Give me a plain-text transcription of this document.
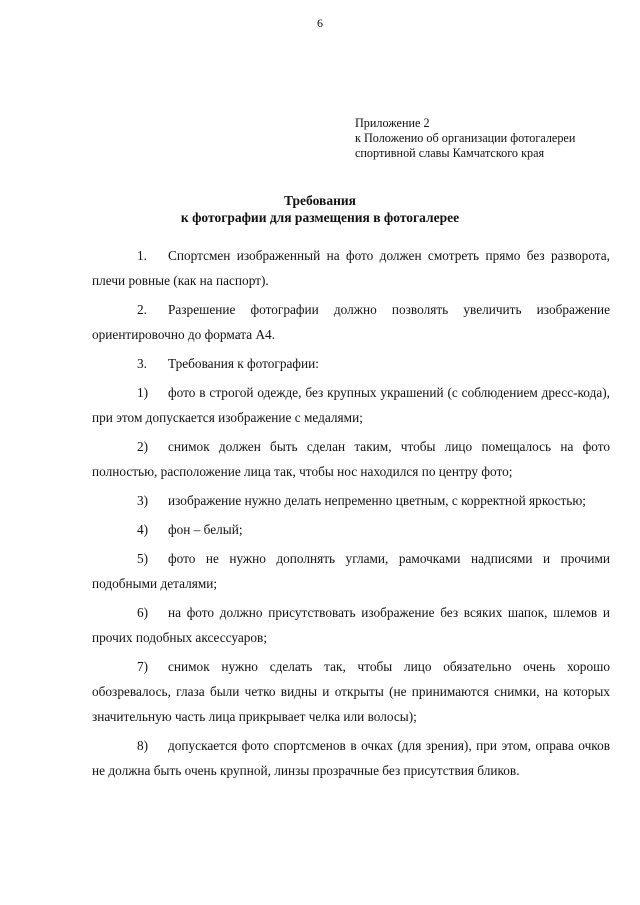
6
Приложение 2
к Положенио об организации фотогалереи
спортивной славы Камчатского края
Требования
к фотографии для размещения в фотогалерее

1. Спортсмен изображенный на фото должен смотреть прямо без разворота, плечи ровные (как на паспорт).

2. Разрешение фотографии должно позволять увеличить изображение ориентировочно до формата А4.

3. Требования к фотографии:

1) фото в строгой одежде, без крупных украшений (с соблюдением дресс-кода), при этом допускается изображение с медалями;

2) снимок должен быть сделан таким, чтобы лицо помещалось на фото полностью, расположение лица так, чтобы нос находился по центру фото;

3) изображение нужно делать непременно цветным, с корректной яркостью;

4) фон – белый;

5) фото не нужно дополнять углами, рамочками надписями и прочими подобными деталями;

6) на фото должно присутствовать изображение без всяких шапок, шлемов и прочих подобных аксессуаров;

7) снимок нужно сделать так, чтобы лицо обязательно очень хорошо обозревалось, глаза были четко видны и открыты (не принимаются снимки, на которых значительную часть лица прикрывает челка или волосы);

8) допускается фото спортсменов в очках (для зрения), при этом, оправа очков не должна быть очень крупной, линзы прозрачные без присутствия бликов.
